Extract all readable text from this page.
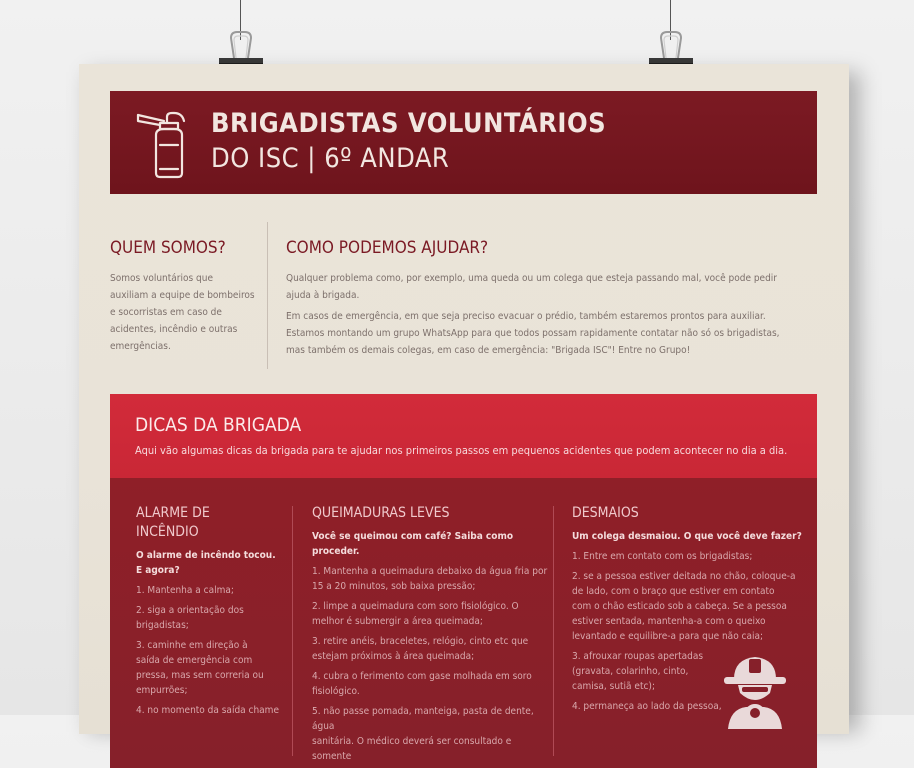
BRIGADISTAS VOLUNTÁRIOS
DO ISC | 6º ANDAR
QUEM SOMOS?
Somos voluntários que
auxiliam a equipe de bombeiros
e socorristas em caso de
acidentes, incêndio e outras
emergências.
COMO PODEMOS AJUDAR?
Qualquer problema como, por exemplo, uma queda ou um colega que esteja passando mal, você pode pedir
ajuda à brigada.
Em casos de emergência, em que seja preciso evacuar o prédio, também estaremos prontos para auxiliar.
Estamos montando um grupo WhatsApp para que todos possam rapidamente contatar não só os brigadistas,
mas também os demais colegas, em caso de emergência: "Brigada ISC"! Entre no Grupo!
DICAS DA BRIGADA
Aqui vão algumas dicas da brigada para te ajudar nos primeiros passos em pequenos acidentes que podem acontecer no dia a dia.
ALARME DE
INCÊNDIO
O alarme de incêndo tocou.
E agora?
1. Mantenha a calma;
2. siga a orientação dos
brigadistas;
3. caminhe em direção à
saída de emergência com
pressa, mas sem correria ou
empurrões;
4. no momento da saída chame
QUEIMADURAS LEVES
Você se queimou com café? Saiba como proceder.
1. Mantenha a queimadura debaixo da água fria por
15 a 20 minutos, sob baixa pressão;
2. limpe a queimadura com soro fisiológico. O
melhor é submergir a área queimada;
3. retire anéis, braceletes, relógio, cinto etc que
estejam próximos à área queimada;
4. cubra o ferimento com gase molhada em soro
fisiológico.
5. não passe pomada, manteiga, pasta de dente, água
sanitária. O médico deverá ser consultado e somente
DESMAIOS
Um colega desmaiou. O que você deve fazer?
1. Entre em contato com os brigadistas;
2. se a pessoa estiver deitada no chão, coloque-a
de lado, com o braço que estiver em contato
com o chão esticado sob a cabeça. Se a pessoa
estiver sentada, mantenha-a com o queixo
levantado e equilibre-a para que não caia;
3. afrouxar roupas apertadas
(gravata, colarinho, cinto,
camisa, sutiã etc);
4. permaneça ao lado da pessoa,
